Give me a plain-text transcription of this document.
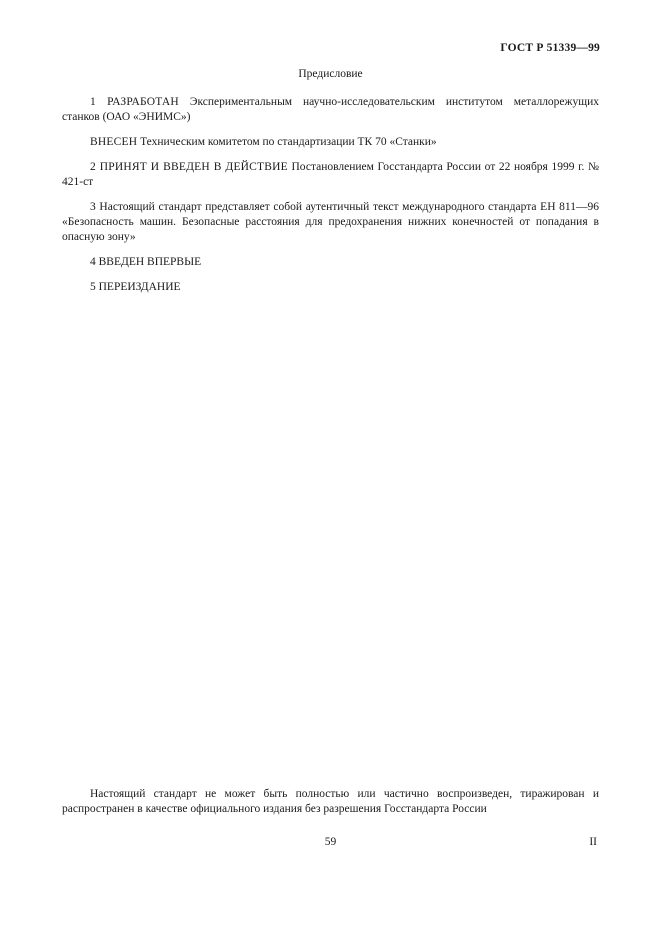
ГОСТ Р 51339—99
Предисловие

1 РАЗРАБОТАН Экспериментальным научно-исследовательским институтом металлорежущих станков (ОАО «ЭНИМС»)

ВНЕСЕН Техническим комитетом по стандартизации ТК 70 «Станки»

2 ПРИНЯТ И ВВЕДЕН В ДЕЙСТВИЕ Постановлением Госстандарта России от 22 ноября 1999 г. № 421-ст

3 Настоящий стандарт представляет собой аутентичный текст международного стандарта ЕН 811—96 «Безопасность машин. Безопасные расстояния для предохранения нижних конечностей от попадания в опасную зону»

4 ВВЕДЕН ВПЕРВЫЕ

5 ПЕРЕИЗДАНИЕ

Настоящий стандарт не может быть полностью или частично воспроизведен, тиражирован и распространен в качестве официального издания без разрешения Госстандарта России

59	II
